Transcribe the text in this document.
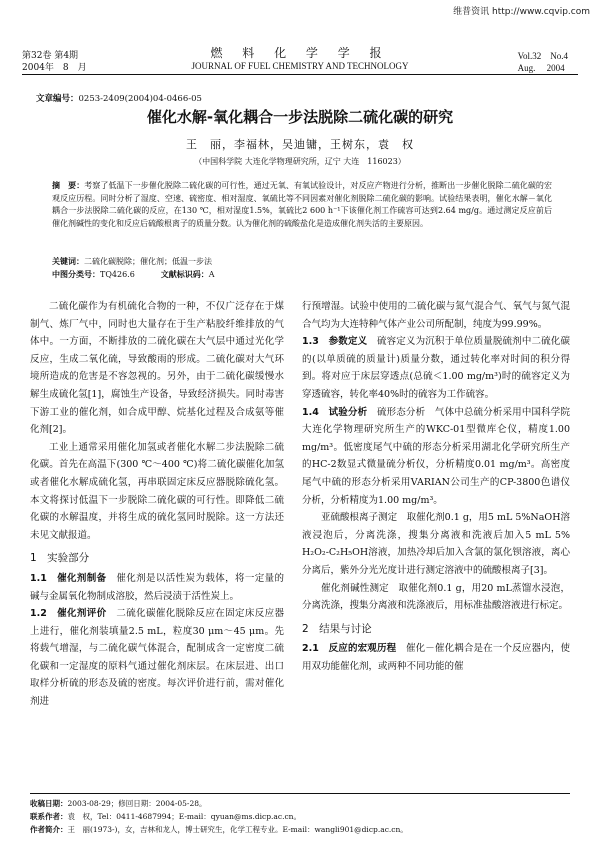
维普资讯 http://www.cqvip.com
第32卷 第4期
2004年　8　月
燃 料 化 学 学 报
JOURNAL OF FUEL CHEMISTRY AND TECHNOLOGY
Vol.32　No.4
Aug.　 2004
文章编号：0253-2409(2004)04-0466-05
催化水解-氧化耦合一步法脱除二硫化碳的研究
王　丽，李福林，吴迪镛，王树东，袁　权
（中国科学院 大连化学物理研究所，辽宁 大连　116023）
摘　要：考察了低温下一步催化脱除二硫化碳的可行性，通过无氧、有氧试验设计，对反应产物进行分析，推断出一步催化脱除二硫化碳的宏观反应历程。同时分析了湿度、空速、硫密度、相对湿度、氧硫比等不同因素对催化剂脱除二硫化碳的影响。试验结果表明，催化水解－氧化耦合一步法脱除二硫化碳的反应，在130 ℃，相对湿度1.5%，氧硫比2 600 h⁻¹下该催化剂工作硫容可达到2.64 mg/g。通过测定反应前后催化剂碱性的变化和反应后硫酸根离子的质量分数。认为催化剂的硫酸盐化是造成催化剂失活的主要原因。
关键词：二硫化碳脱除；催化剂；低温一步法
中图分类号：TQ426.6	文献标识码：A

二硫化碳作为有机硫化合物的一种，不仅广泛存在于煤制气、炼厂气中，同时也大量存在于生产粘胶纤维排放的气体中。一方面，不断排放的二硫化碳在大气层中通过光化学反应，生成二氧化硫，导致酸雨的形成。二硫化碳对大气环境所造成的危害是不容忽视的。另外，由于二硫化碳缓慢水解生成硫化氢[1]，腐蚀生产设备，导致经济损失。同时毒害下游工业的催化剂，如合成甲醇、烷基化过程及合成氨等催化剂[2]。

工业上通常采用催化加氢或者催化水解二步法脱除二硫化碳。首先在高温下(300 ℃～400 ℃)将二硫化碳催化加氢或者催化水解成硫化氢，再串联固定床反应器脱除硫化氢。本文将探讨低温下一步脱除二硫化碳的可行性。即降低二硫化碳的水解温度，并将生成的硫化氢同时脱除。这一方法还未见文献报道。

1　实验部分

1.1　催化剂制备　 催化剂是以活性炭为载体，将一定量的碱与金属氧化物制成溶胶，然后浸渍于活性炭上。

1.2　催化剂评价　 二硫化碳催化脱除反应在固定床反应器上进行，催化剂装填量2.5 mL，粒度30 μm～45 μm。先将载气增湿，与二硫化碳气体混合，配制成含一定密度二硫化碳和一定湿度的原料气通过催化剂床层。在床层进、出口取样分析硫的形态及硫的密度。每次评价进行前，需对催化剂进

行预增湿。试验中使用的二硫化碳与氮气混合气、氧气与氮气混合气均为大连特种气体产业公司所配制，纯度为99.99%。

1.3　参数定义　 硫容定义为沉积于单位质量脱硫剂中二硫化碳的(以单质硫的质量计)质量分数，通过转化率对时间的积分得到。将对应于床层穿透点(总硫＜1.00 mg/m³)时的硫容定义为穿透硫容，转化率40%时的硫容为工作硫容。

1.4　试验分析　 硫形态分析　气体中总硫分析采用中国科学院大连化学物理研究所生产的WKC-01型微库仑仪，精度1.00 mg/m³。低密度尾气中硫的形态分析采用湖北化学研究所生产的HC-2数显式微量硫分析仪，分析精度0.01 mg/m³。高密度尾气中硫的形态分析采用VARIAN公司生产的CP-3800色谱仪分析，分析精度为1.00 mg/m³。

亚硫酸根离子测定　取催化剂0.1 g，用5 mL 5%NaOH溶液浸泡后，分离洗涤，搜集分离液和洗液后加入5 mL 5% H₂O₂-C₂H₅OH溶液，加热冷却后加入含氯的氯化钡溶液，离心分离后，紫外分光光度计进行测定溶液中的硫酸根离子[3]。

催化剂碱性测定　取催化剂0.1 g，用20 mL蒸馏水浸泡，分离洗涤，搜集分离液和洗涤液后，用标准盐酸溶液进行标定。

2　结果与讨论

2.1　反应的宏观历程　 催化－催化耦合是在一个反应器内，使用双功能催化剂，或两种不同功能的催

收稿日期：2003-08-29；修回日期：2004-05-28。
联系作者：袁　权，Tel：0411-4687994；E-mail：qyuan@ms.dicp.ac.cn。
作者简介：王　丽(1973-)，女，吉林和龙人，博士研究生，化学工程专业。E-mail：wangli901@dicp.ac.cn。
